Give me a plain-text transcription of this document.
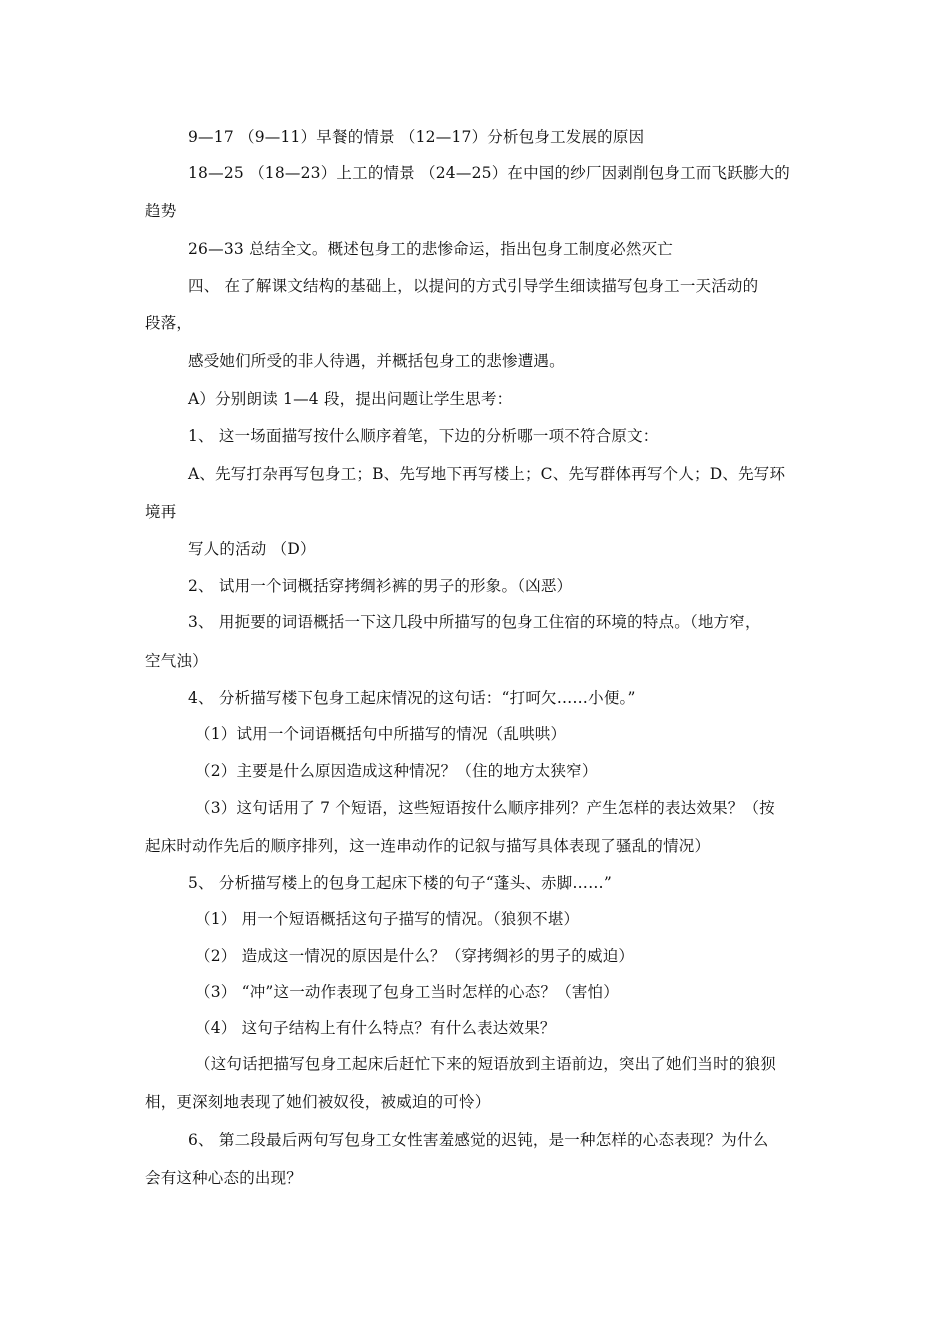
9—17 （9—11）早餐的情景 （12—17）分析包身工发展的原因
18—25 （18—23）上工的情景 （24—25）在中国的纱厂因剥削包身工而飞跃膨大的
趋势
26—33 总结全文。概述包身工的悲惨命运，指出包身工制度必然灭亡
四、 在了解课文结构的基础上，以提问的方式引导学生细读描写包身工一天活动的
段落，
感受她们所受的非人待遇，并概括包身工的悲惨遭遇。
A）分别朗读 1—4 段，提出问题让学生思考：
1、 这一场面描写按什么顺序着笔，下边的分析哪一项不符合原文：
A、先写打杂再写包身工；B、先写地下再写楼上；C、先写群体再写个人；D、先写环
境再
写人的活动 （D）
2、 试用一个词概括穿拷绸衫裤的男子的形象。（凶恶）
3、 用扼要的词语概括一下这几段中所描写的包身工住宿的环境的特点。（地方窄，
空气浊）
4、 分析描写楼下包身工起床情况的这句话：“打呵欠……小便。”
（1）试用一个词语概括句中所描写的情况（乱哄哄）
（2）主要是什么原因造成这种情况？（住的地方太狭窄）
（3）这句话用了 7 个短语，这些短语按什么顺序排列？产生怎样的表达效果？（按
起床时动作先后的顺序排列，这一连串动作的记叙与描写具体表现了骚乱的情况）
5、 分析描写楼上的包身工起床下楼的句子“蓬头、赤脚……”
（1） 用一个短语概括这句子描写的情况。（狼狈不堪）
（2） 造成这一情况的原因是什么？（穿拷绸衫的男子的威迫）
（3） “冲”这一动作表现了包身工当时怎样的心态？（害怕）
（4） 这句子结构上有什么特点？有什么表达效果？
（这句话把描写包身工起床后赶忙下来的短语放到主语前边，突出了她们当时的狼狈
相，更深刻地表现了她们被奴役，被威迫的可怜）
6、 第二段最后两句写包身工女性害羞感觉的迟钝，是一种怎样的心态表现？为什么
会有这种心态的出现？
